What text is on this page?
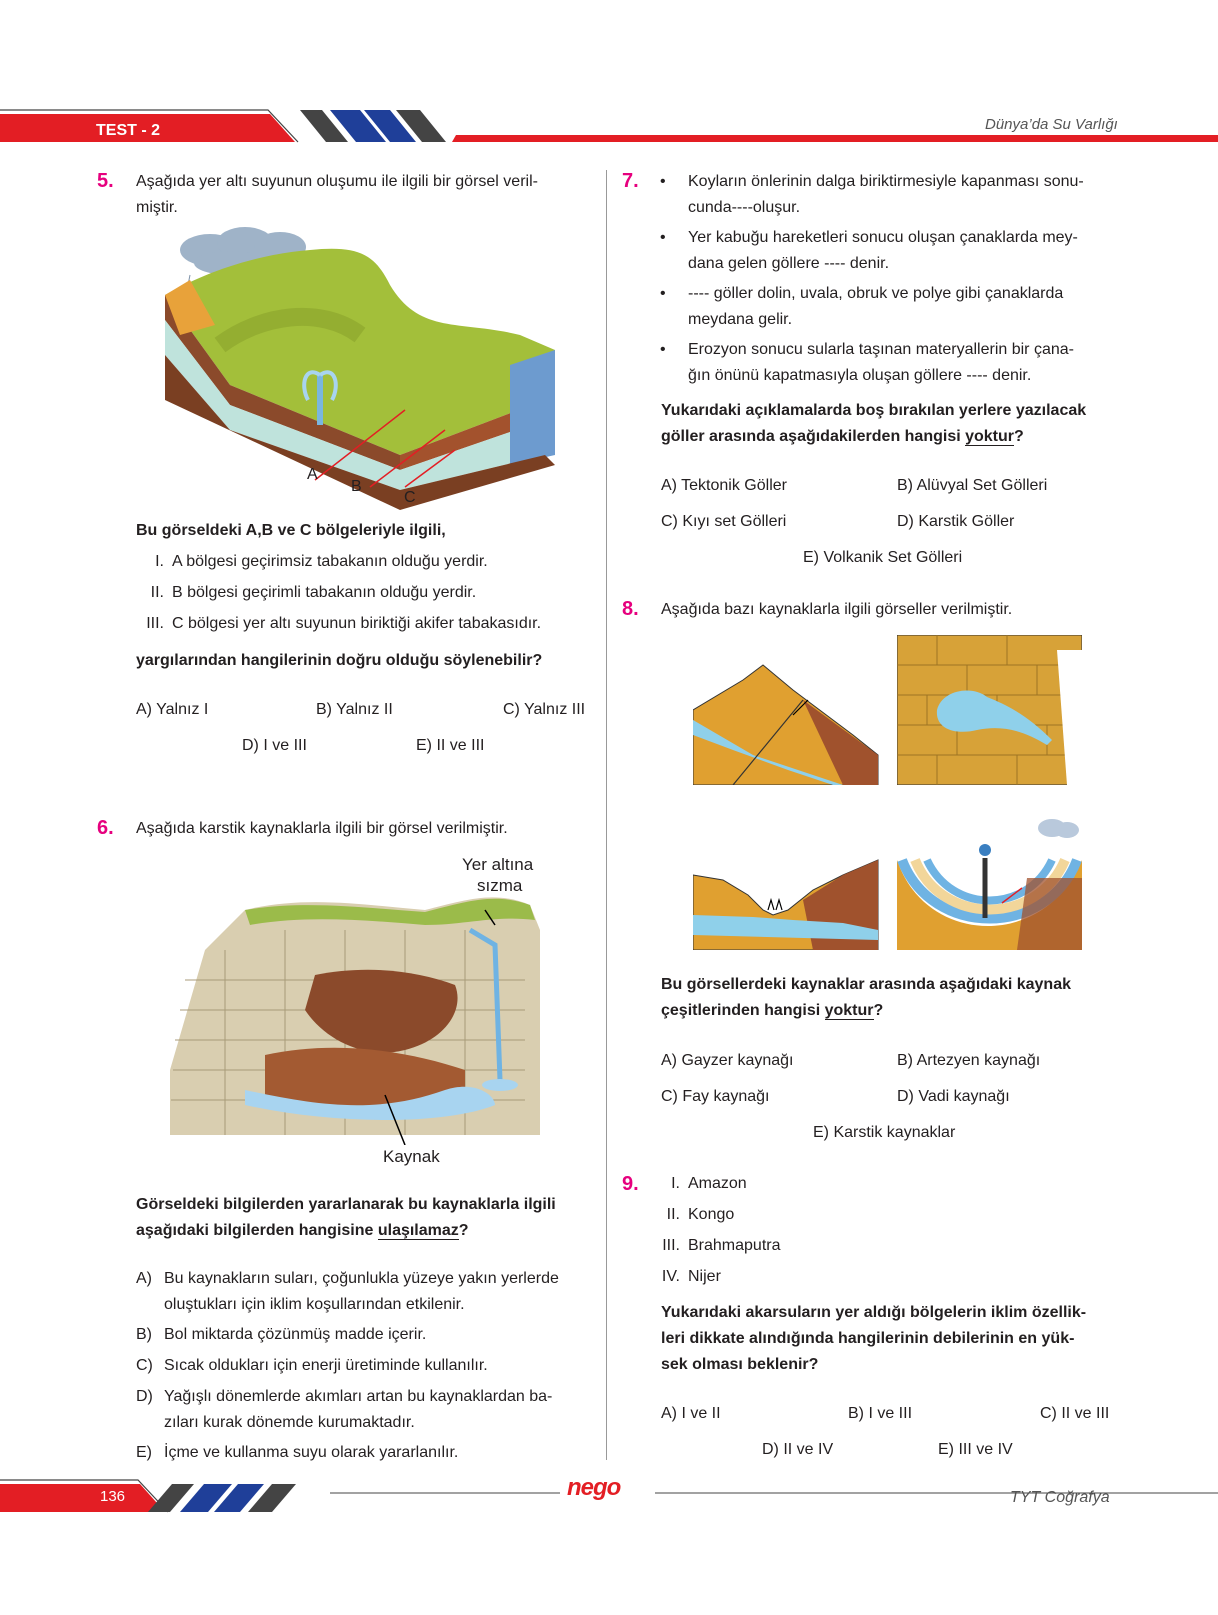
TEST - 2	Dünya’da Su Varlığı
5. Aşağıda yer altı suyunun oluşumu ile ilgili bir görsel veril-
miştir.
A
B
C
Bu görseldeki A,B ve C bölgeleriyle ilgili,
I. A bölgesi geçirimsiz tabakanın olduğu yerdir.
II. B bölgesi geçirimli tabakanın olduğu yerdir.
III. C bölgesi yer altı suyunun biriktiği akifer tabakasıdır.
yargılarından hangilerinin doğru olduğu söylenebilir?
A) Yalnız I	B) Yalnız II	C) Yalnız III
D) I ve III	E) II ve III
6. Aşağıda karstik kaynaklarla ilgili bir görsel verilmiştir.
Yer altına
sızma
Kaynak
Görseldeki bilgilerden yararlanarak bu kaynaklarla ilgili
aşağıdaki bilgilerden hangisine ulaşılamaz?
A) Bu kaynakların suları, çoğunlukla yüzeye yakın yerlerde
oluştukları için iklim koşullarından etkilenir.
B) Bol miktarda çözünmüş madde içerir.
C) Sıcak oldukları için enerji üretiminde kullanılır.
D) Yağışlı dönemlerde akımları artan bu kaynaklardan ba-
zıları kurak dönemde kurumaktadır.
E) İçme ve kullanma suyu olarak yararlanılır.
7. • Koyların önlerinin dalga biriktirmesiyle kapanması sonu-
cunda----oluşur.
• Yer kabuğu hareketleri sonucu oluşan çanaklarda mey-
dana gelen göllere ---- denir.
• ---- göller dolin, uvala, obruk ve polye gibi çanaklarda
meydana gelir.
• Erozyon sonucu sularla taşınan materyallerin bir çana-
ğın önünü kapatmasıyla oluşan göllere ---- denir.
Yukarıdaki açıklamalarda boş bırakılan yerlere yazılacak
göller arasında aşağıdakilerden hangisi yoktur?
A) Tektonik Göller	B) Alüvyal Set Gölleri
C) Kıyı set Gölleri	D) Karstik Göller
E) Volkanik Set Gölleri
8. Aşağıda bazı kaynaklarla ilgili görseller verilmiştir.
Bu görsellerdeki kaynaklar arasında aşağıdaki kaynak
çeşitlerinden hangisi yoktur?
A) Gayzer kaynağı	B) Artezyen kaynağı
C) Fay kaynağı	D) Vadi kaynağı
E) Karstik kaynaklar
9.	I. Amazon
II. Kongo
III. Brahmaputra
IV. Nijer
Yukarıdaki akarsuların yer aldığı bölgelerin iklim özellik-
leri dikkate alındığında hangilerinin debilerinin en yük-
sek olması beklenir?
A) I ve II	B) I ve III	C) II ve III
D) II ve IV	E) III ve IV
136	nego	TYT Coğrafya
